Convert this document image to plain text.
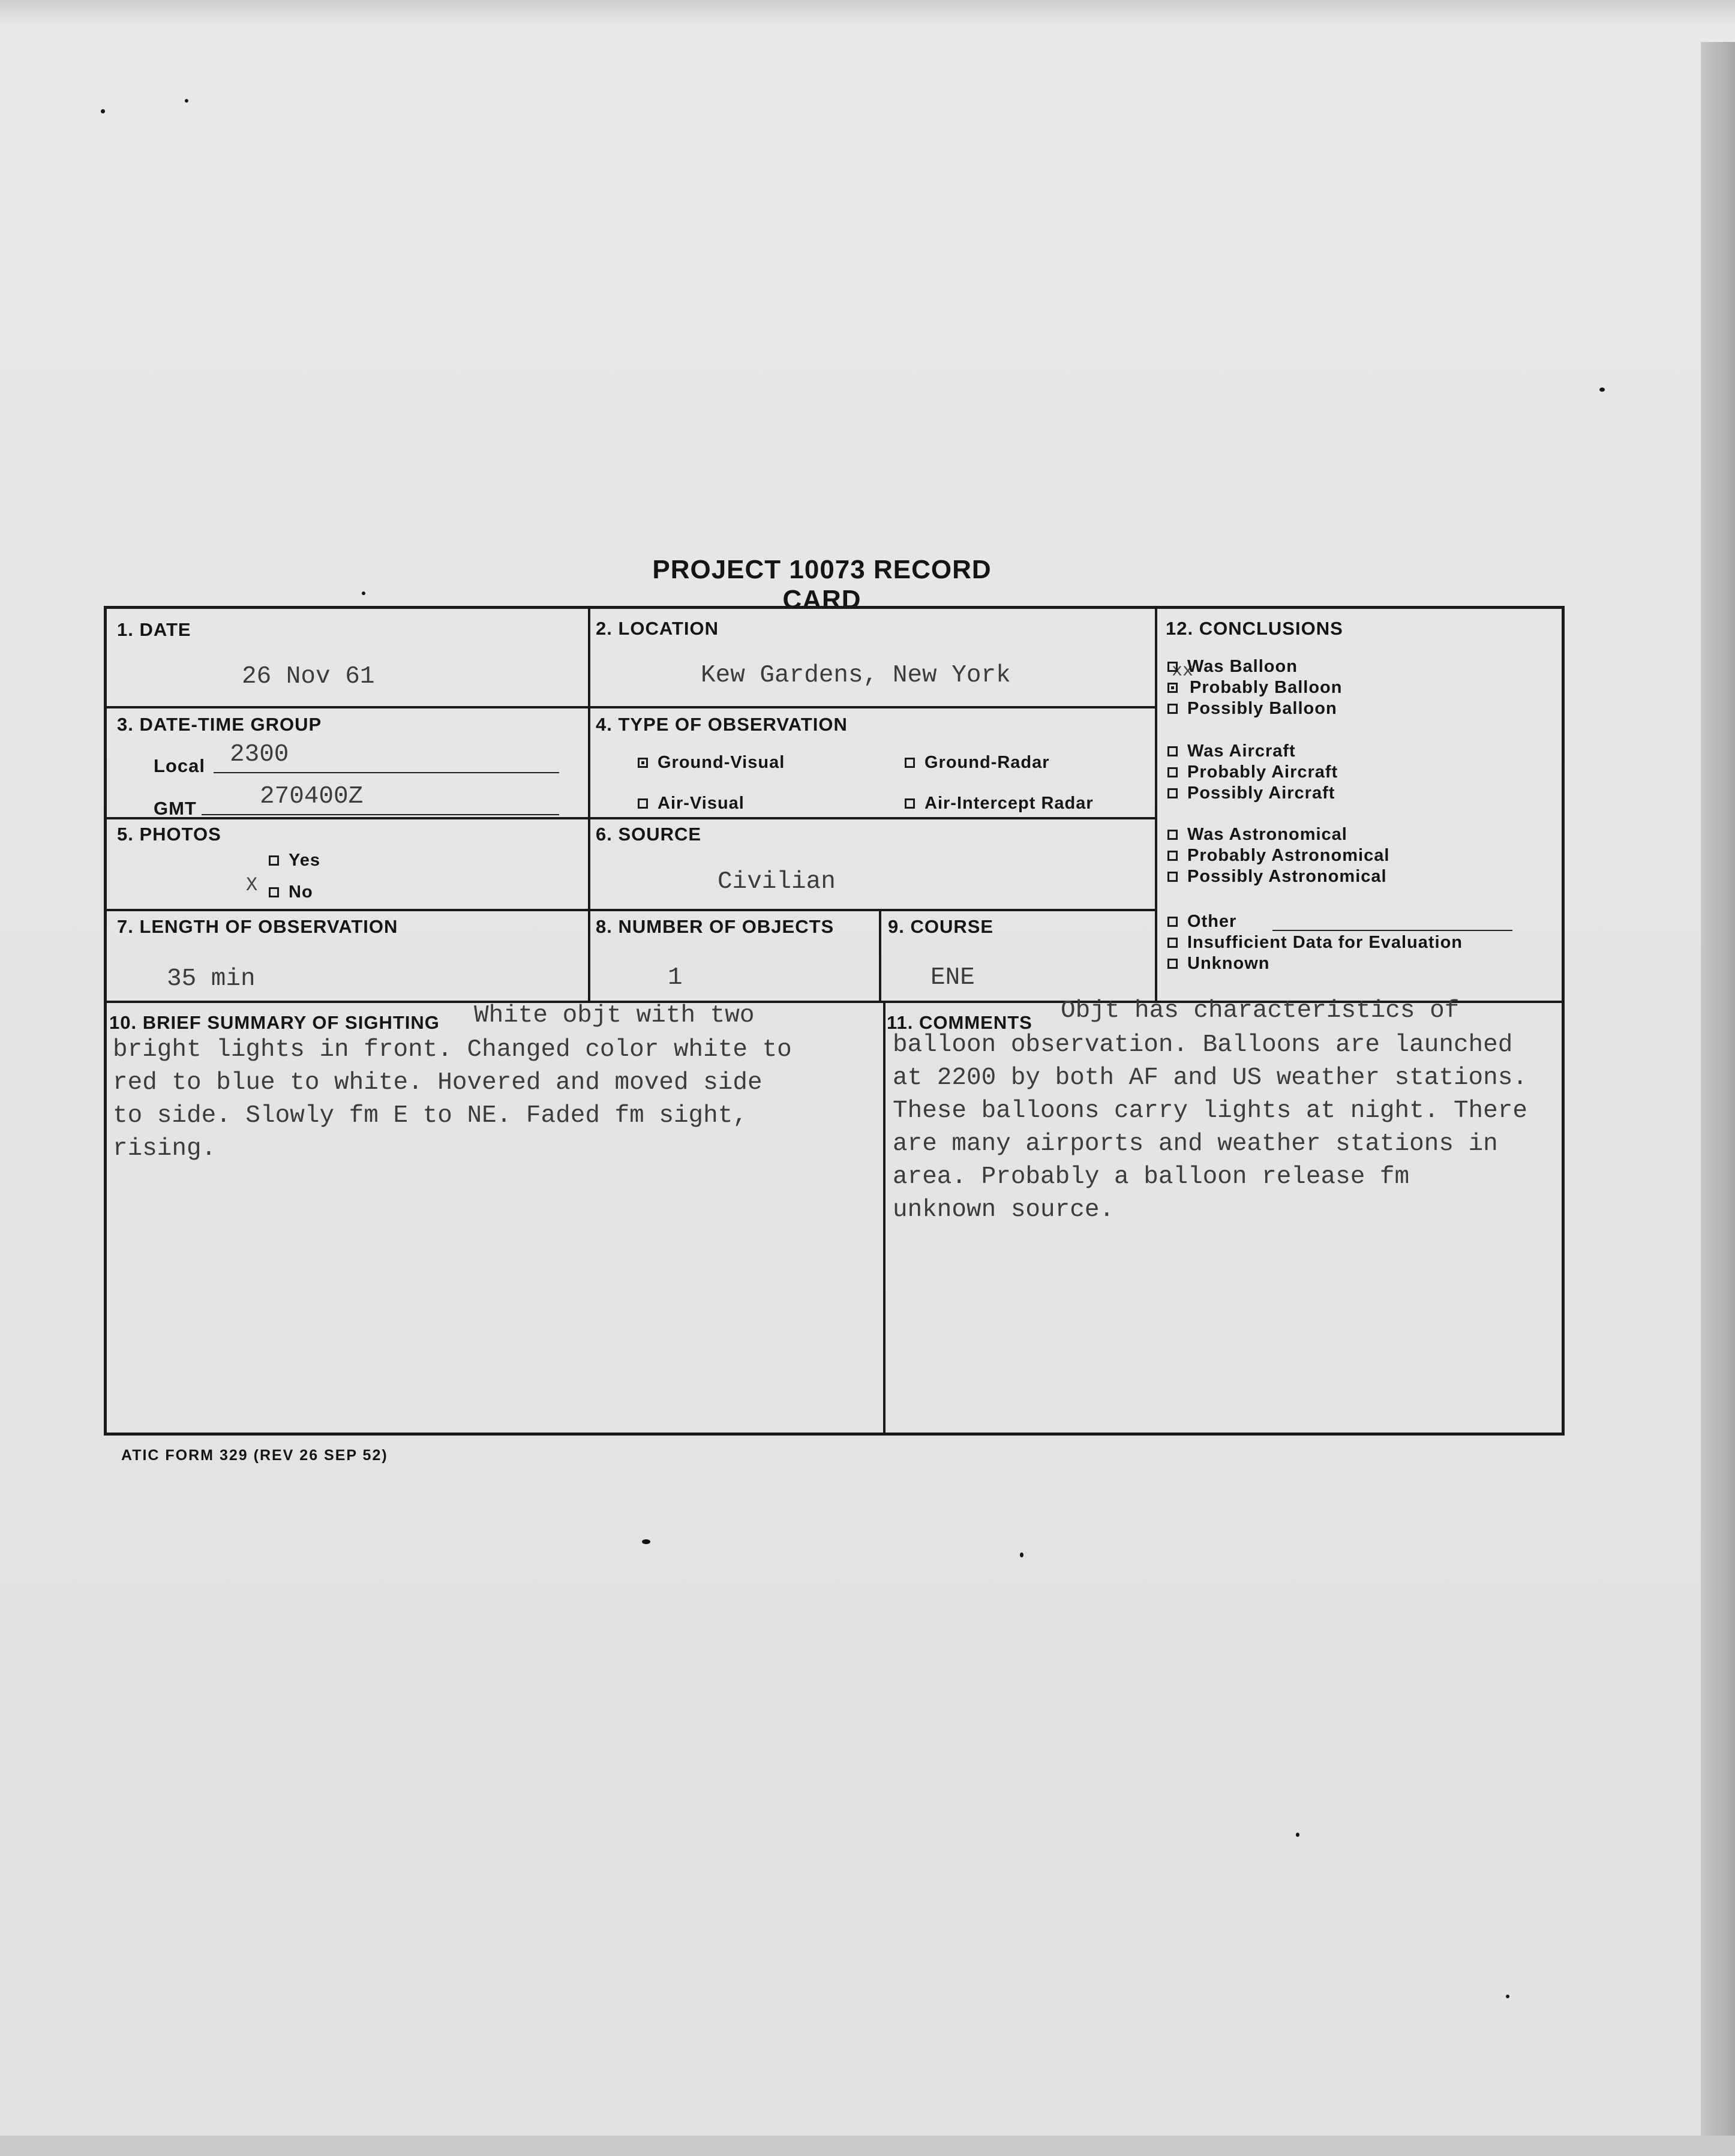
PROJECT 10073 RECORD CARD
1. DATE
26 Nov 61
2. LOCATION
Kew Gardens, New York
3. DATE-TIME GROUP
Local 2300
GMT	270400Z
4. TYPE OF OBSERVATION
Ground-Visual	Ground-Radar
Air-Visual	Air-Intercept Radar
5. PHOTOS
Yes
X No
6. SOURCE
Civilian
7. LENGTH OF OBSERVATION
35 min
8. NUMBER OF OBJECTS
1
9. COURSE
ENE
12. CONCLUSIONS
xx
Was Balloon
Probably Balloon
Possibly Balloon
Was Aircraft
Probably Aircraft
Possibly Aircraft
Was Astronomical
Probably Astronomical
Possibly Astronomical
Other
Insufficient Data for Evaluation
Unknown
10. BRIEF SUMMARY OF SIGHTING White objt with two
bright lights in front. Changed color white to
red to blue to white. Hovered and moved side
to side. Slowly fm E to NE. Faded fm sight,
rising.
11. COMMENTS Objt has characteristics of
balloon observation. Balloons are launched
at 2200 by both AF and US weather stations.
These balloons carry lights at night. There
are many airports and weather stations in
area. Probably a balloon release fm
unknown source.
ATIC FORM 329 (REV 26 SEP 52)
